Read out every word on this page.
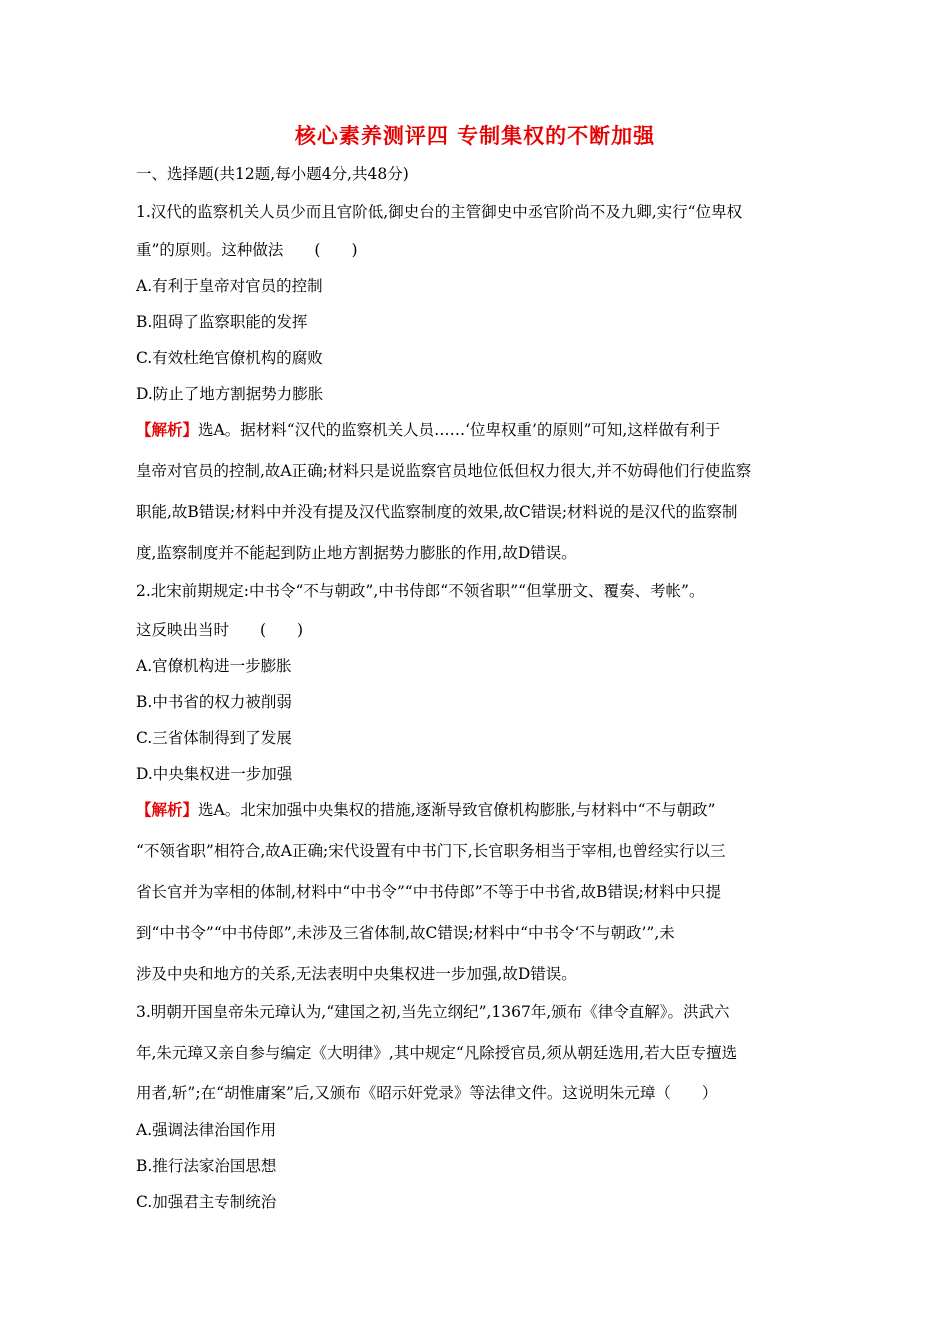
核心素养测评四 专制集权的不断加强
一、选择题(共12题,每小题4分,共48分)
1.汉代的监察机关人员少而且官阶低,御史台的主管御史中丞官阶尚不及九卿,实行“位卑权
重”的原则。这种做法　　(　　)
A.有利于皇帝对官员的控制
B.阻碍了监察职能的发挥
C.有效杜绝官僚机构的腐败
D.防止了地方割据势力膨胀
【解析】选A。据材料“汉代的监察机关人员……‘位卑权重’的原则”可知,这样做有利于
皇帝对官员的控制,故A正确;材料只是说监察官员地位低但权力很大,并不妨碍他们行使监察
职能,故B错误;材料中并没有提及汉代监察制度的效果,故C错误;材料说的是汉代的监察制
度,监察制度并不能起到防止地方割据势力膨胀的作用,故D错误。
2.北宋前期规定:中书令“不与朝政”,中书侍郎“不领省职”“但掌册文、覆奏、考帐”。
这反映出当时　　(　　)
A.官僚机构进一步膨胀
B.中书省的权力被削弱
C.三省体制得到了发展
D.中央集权进一步加强
【解析】选A。北宋加强中央集权的措施,逐渐导致官僚机构膨胀,与材料中“不与朝政”
“不领省职”相符合,故A正确;宋代设置有中书门下,长官职务相当于宰相,也曾经实行以三
省长官并为宰相的体制,材料中“中书令”“中书侍郎”不等于中书省,故B错误;材料中只提
到“中书令”“中书侍郎”,未涉及三省体制,故C错误;材料中“中书令‘不与朝政’”,未
涉及中央和地方的关系,无法表明中央集权进一步加强,故D错误。
3.明朝开国皇帝朱元璋认为,“建国之初,当先立纲纪”,1367年,颁布《律令直解》。洪武六
年,朱元璋又亲自参与编定《大明律》,其中规定“凡除授官员,须从朝廷选用,若大臣专擅选
用者,斩”;在“胡惟庸案”后,又颁布《昭示奸党录》等法律文件。这说明朱元璋（　　）
A.强调法律治国作用
B.推行法家治国思想
C.加强君主专制统治
